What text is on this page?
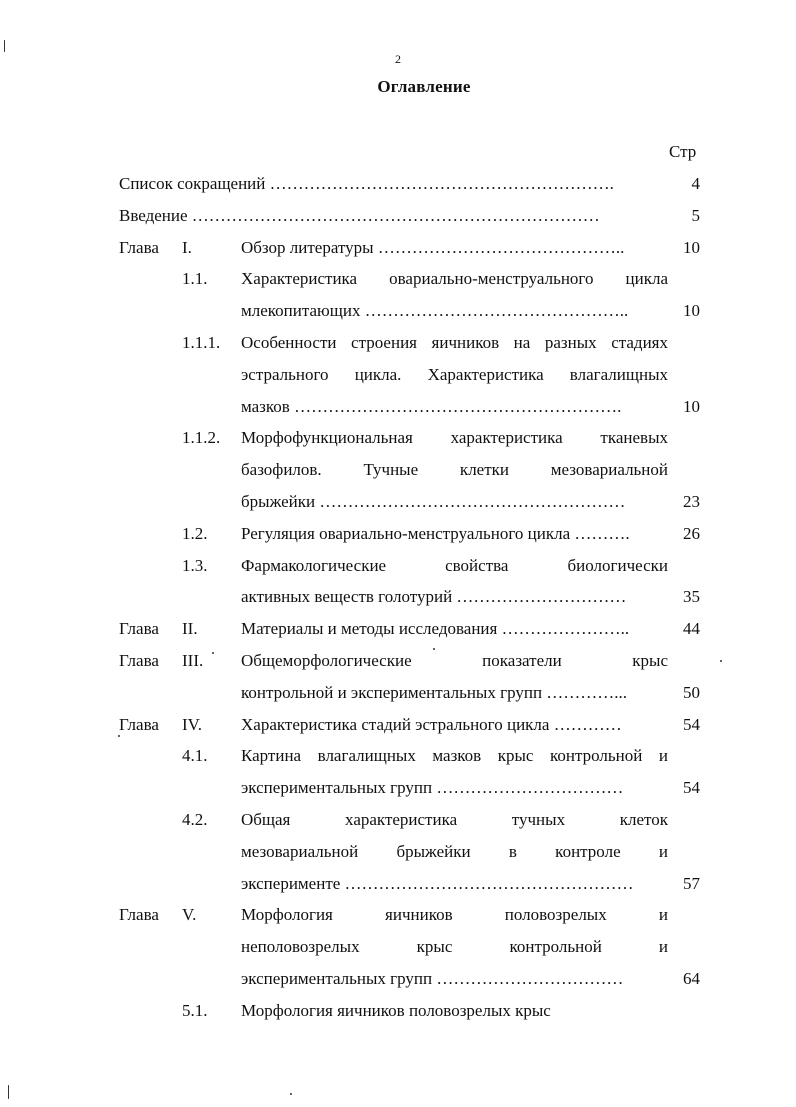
2
Оглавление
Стр
Список сокращений …………………………………………………….	4
Введение ………………………………………………………………	5
Глава I.	Обзор литературы ……………………………………..	10
1.1. Характеристика овариально-менструального цикла
млекопитающих ………………………………………..	10
1.1.1. Особенности строения яичников на разных стадиях
эстрального цикла. Характеристика влагалищных
мазков ………………………………………………….	10
1.1.2. Морфофункциональная характеристика тканевых
базофилов. Тучные клетки мезовариальной
брыжейки ………………………………………………	23
1.2. Регуляция овариально-менструального цикла ……….	26
1.3. Фармакологические свойства биологически
активных веществ голотурий …………………………	35
Глава II.	Материалы и методы исследования …………………..	44
Глава III. Общеморфологические показатели крыс
контрольной и экспериментальных групп …………...	50
Глава IV. Характеристика стадий эстрального цикла …………	54
4.1. Картина влагалищных мазков крыс контрольной и
экспериментальных групп ……………………………	54
4.2. Общая характеристика тучных клеток
мезовариальной брыжейки в контроле и
эксперименте ……………………………………………	57
Глава V.	Морфология яичников половозрелых и
неполовозрелых крыс контрольной и
экспериментальных групп ……………………………	64
5.1. Морфология яичников половозрелых крыс
